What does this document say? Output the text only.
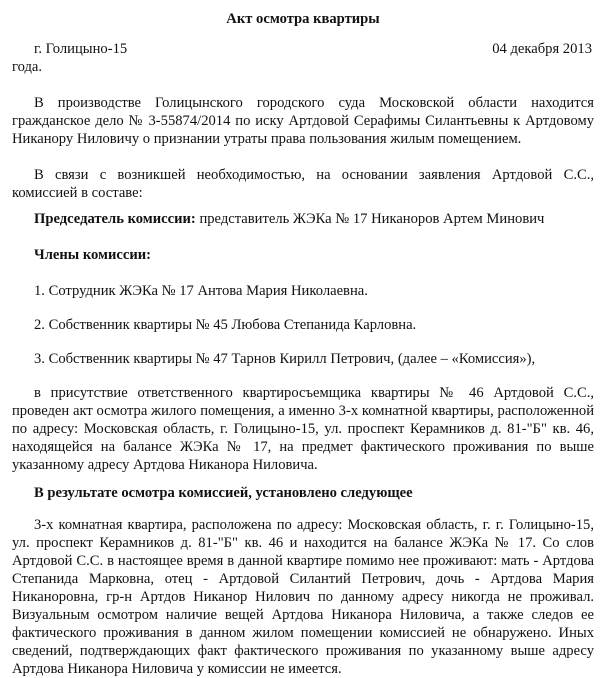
Акт осмотра квартиры
г. Голицыно-15	04 декабря 2013
года.

В производстве Голицынского городского суда Московской области находится гражданское дело № 3-55874/2014 по иску Артдовой Серафимы Силантьевны к Артдовому Никанору Ниловичу о признании утраты права пользования жилым помещением.

В связи с возникшей необходимостью, на основании заявления Артдовой С.С., комиссией в составе:

Председатель комиссии: представитель ЖЭКа № 17 Никаноров Артем Минович

Члены комиссии:

1. Сотрудник ЖЭКа № 17 Антова Мария Николаевна.

2. Собственник квартиры № 45 Любова Степанида Карловна.

3. Собственник квартиры № 47 Тарнов Кирилл Петрович, (далее – «Комиссия»),

в присутствие ответственного квартиросъемщика квартиры № 46 Артдовой С.С., проведен акт осмотра жилого помещения, а именно 3-х комнатной квартиры, расположенной по адресу: Московская область, г. Голицыно-15, ул. проспект Керамников д. 81-"Б" кв. 46, находящейся на балансе ЖЭКа № 17, на предмет фактического проживания по выше указанному адресу Артдова Никанора Ниловича.

В результате осмотра комиссией, установлено следующее

3-х комнатная квартира, расположена по адресу: Московская область, г. г. Голицыно-15, ул. проспект Керамников д. 81-"Б" кв. 46 и находится на балансе ЖЭКа № 17. Со слов Артдовой С.С. в настоящее время в данной квартире помимо нее проживают: мать - Артдова Степанида Марковна, отец - Артдовой Силантий Петрович, дочь - Артдова Мария Никаноровна, гр-н Артдов Никанор Нилович по данному адресу никогда не проживал. Визуальным осмотром наличие вещей Артдова Никанора Ниловича, а также следов ее фактического проживания в данном жилом помещении комиссией не обнаружено. Иных сведений, подтверждающих факт фактического проживания по указанному выше адресу Артдова Никанора Ниловича у комиссии не имеется.
